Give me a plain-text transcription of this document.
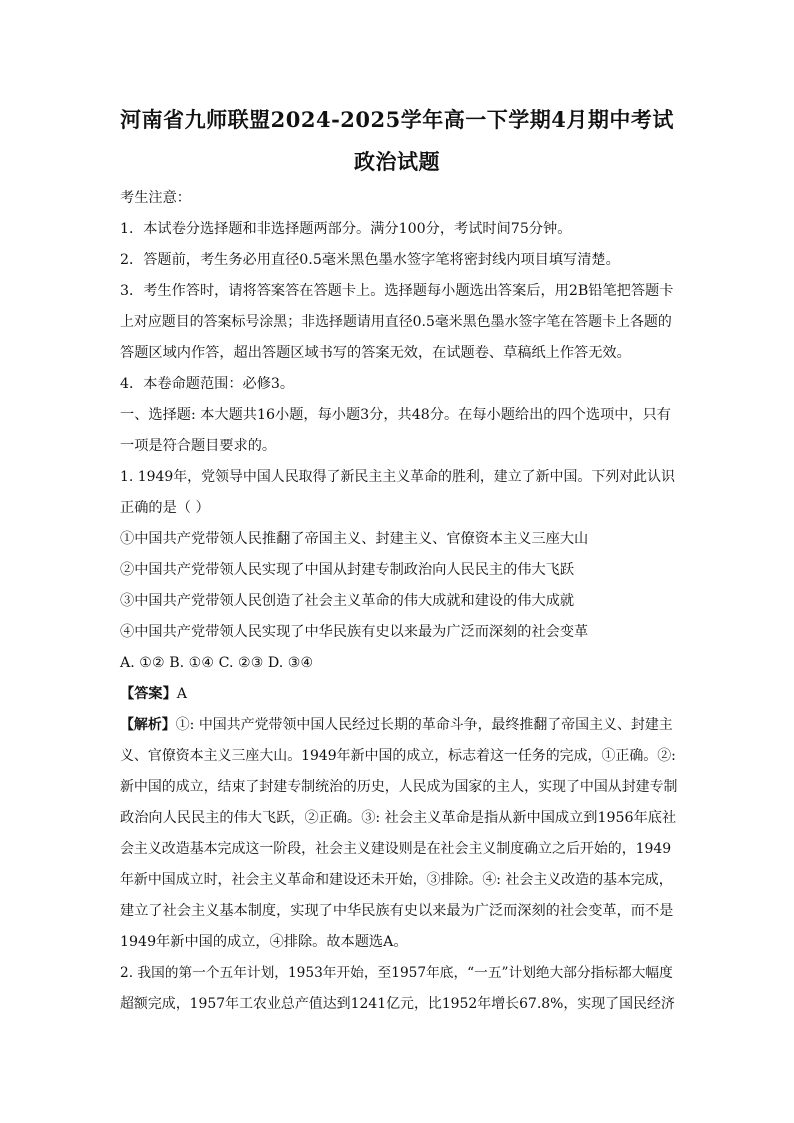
河南省九师联盟2024-2025学年高一下学期4月期中考试
政治试题
考生注意：
1．本试卷分选择题和非选择题两部分。满分100分，考试时间75分钟。
2．答题前，考生务必用直径0.5毫米黑色墨水签字笔将密封线内项目填写清楚。
3．考生作答时，请将答案答在答题卡上。选择题每小题选出答案后，用2B铅笔把答题卡
上对应题目的答案标号涂黑；非选择题请用直径0.5毫米黑色墨水签字笔在答题卡上各题的
答题区域内作答，超出答题区域书写的答案无效，在试题卷、草稿纸上作答无效。
4．本卷命题范围：必修3。
一、选择题: 本大题共16小题，每小题3分，共48分。在每小题给出的四个选项中，只有
一项是符合题目要求的。
1. 1949年，党领导中国人民取得了新民主主义革命的胜利，建立了新中国。下列对此认识
正确的是（ ）
①中国共产党带领人民推翻了帝国主义、封建主义、官僚资本主义三座大山
②中国共产党带领人民实现了中国从封建专制政治向人民民主的伟大飞跃
③中国共产党带领人民创造了社会主义革命的伟大成就和建设的伟大成就
④中国共产党带领人民实现了中华民族有史以来最为广泛而深刻的社会变革
A. ①② B. ①④ C. ②③ D. ③④
【答案】A
【解析】①: 中国共产党带领中国人民经过长期的革命斗争，最终推翻了帝国主义、封建主
义、官僚资本主义三座大山。1949年新中国的成立，标志着这一任务的完成，①正确。②:
新中国的成立，结束了封建专制统治的历史，人民成为国家的主人，实现了中国从封建专制
政治向人民民主的伟大飞跃，②正确。③: 社会主义革命是指从新中国成立到1956年底社
会主义改造基本完成这一阶段，社会主义建设则是在社会主义制度确立之后开始的，1949
年新中国成立时，社会主义革命和建设还未开始，③排除。④: 社会主义改造的基本完成，
建立了社会主义基本制度，实现了中华民族有史以来最为广泛而深刻的社会变革，而不是
1949年新中国的成立，④排除。故本题选A。
2. 我国的第一个五年计划，1953年开始，至1957年底，“一五”计划绝大部分指标都大幅度
超额完成，1957年工农业总产值达到1241亿元，比1952年增长67.8%，实现了国民经济
